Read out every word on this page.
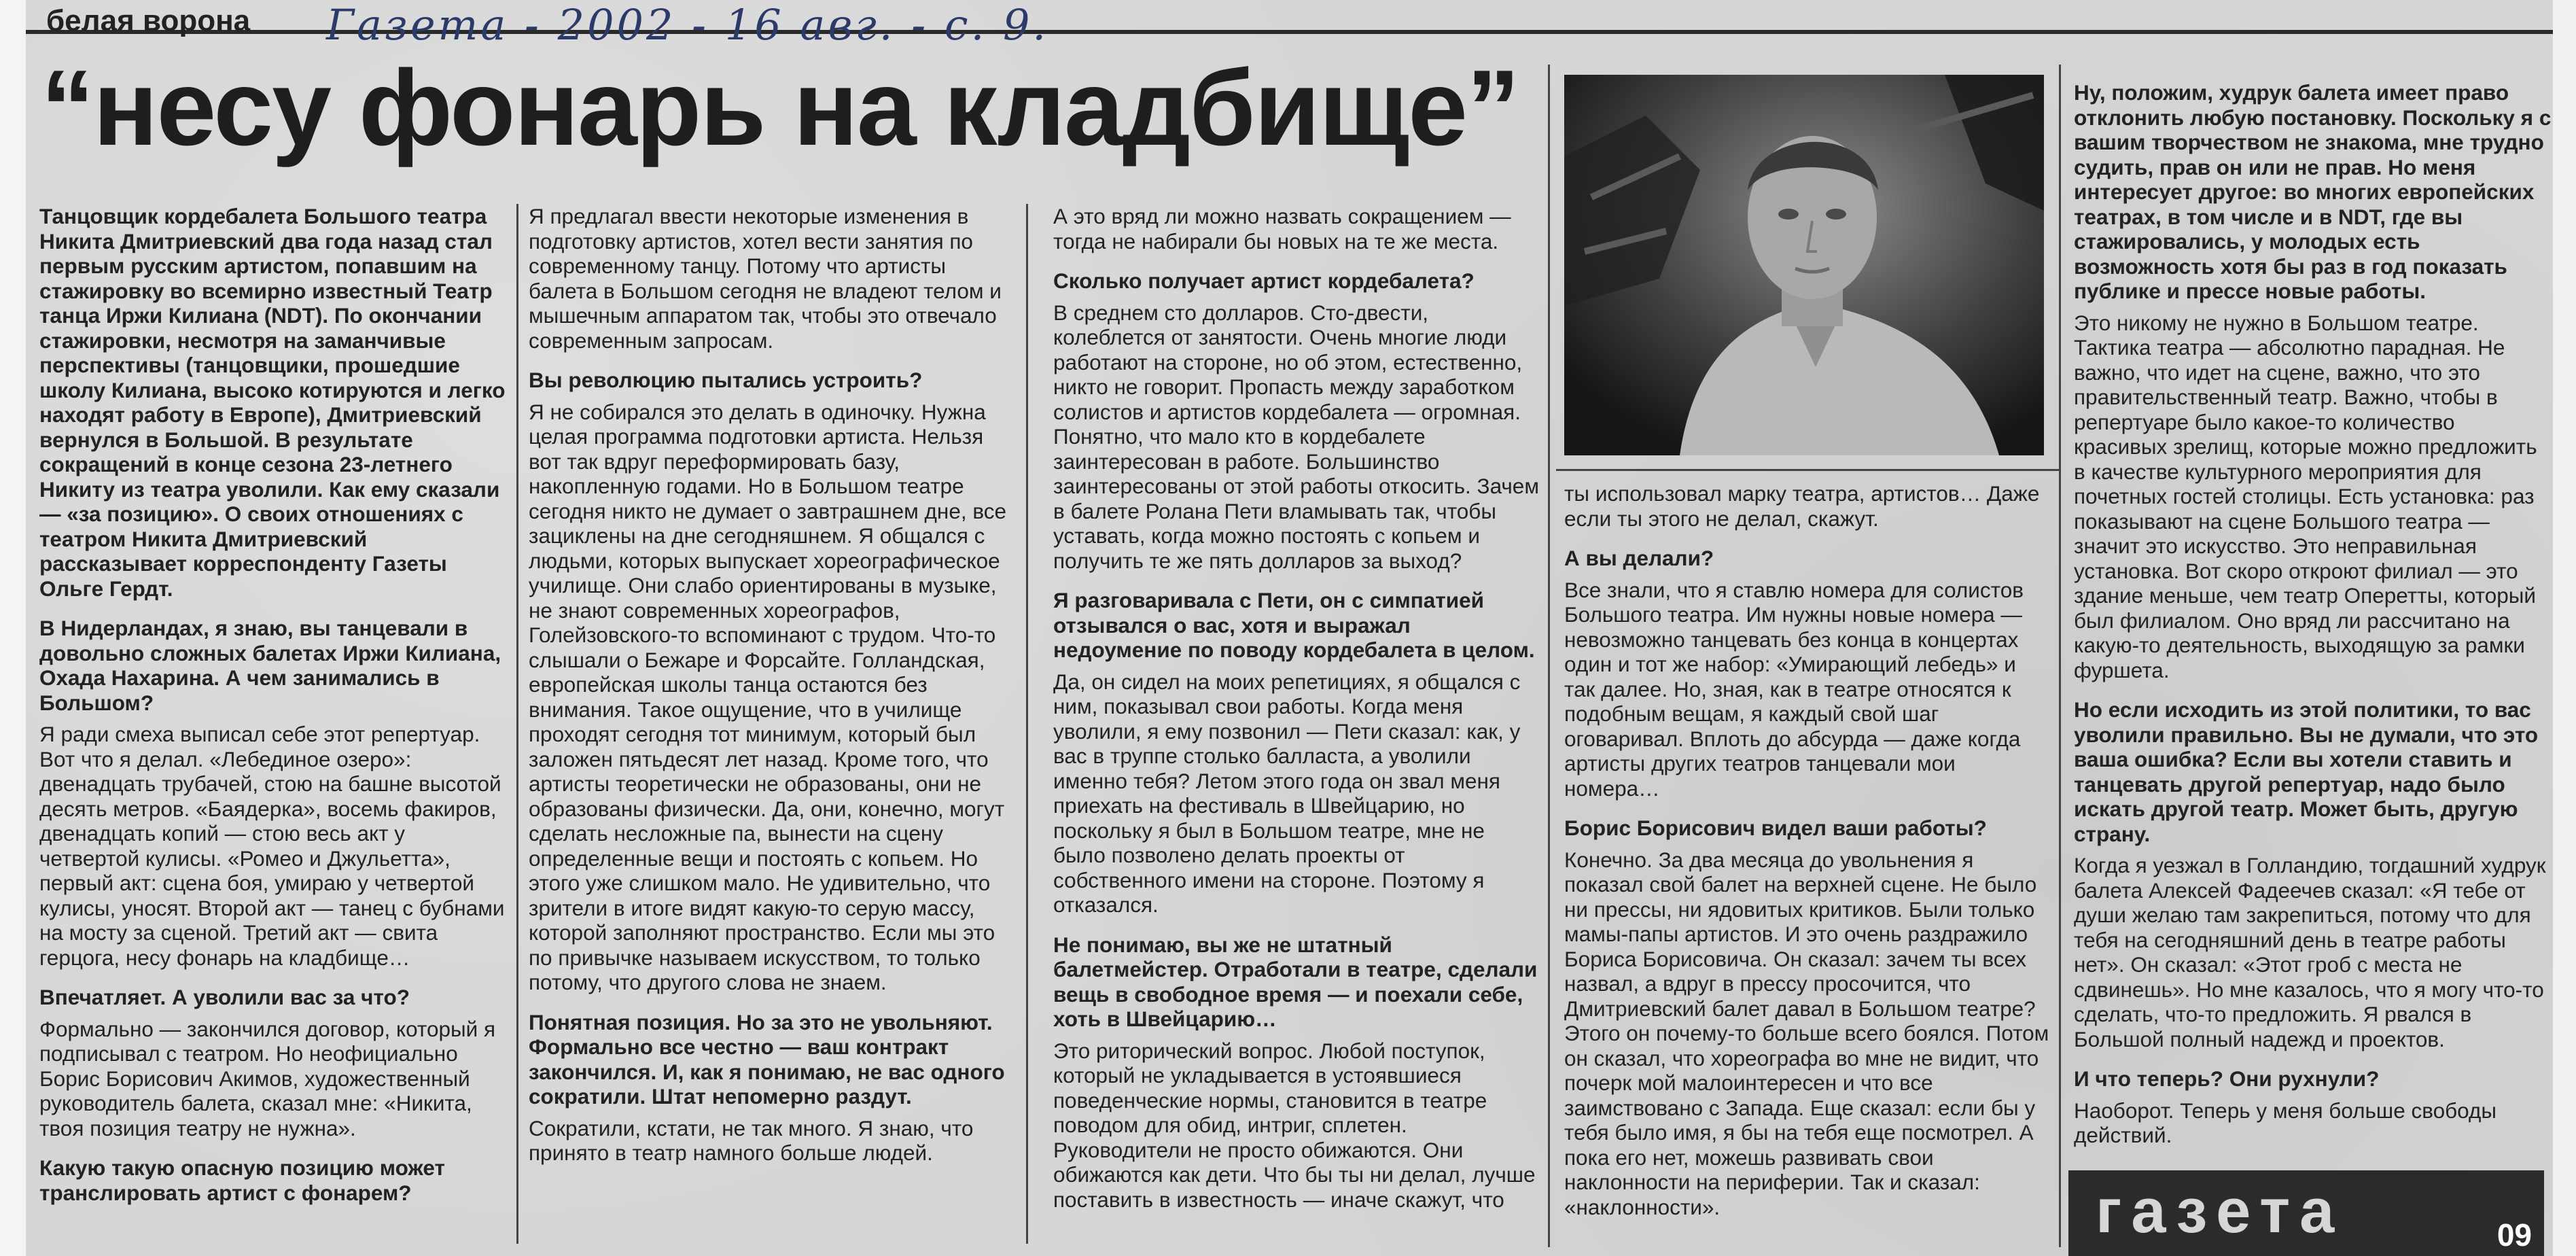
белая ворона Газета - 2002 - 16 авг. - с. 9.
“несу фонарь на кладбище”

Танцовщик кордебалета Большого театра Никита Дмитриевский два года назад стал первым русским артистом, попавшим на стажировку во всемирно известный Театр танца Иржи Килиана (NDT). По окончании стажировки, несмотря на заманчивые перспективы (танцовщики, прошедшие школу Килиана, высоко котируются и легко находят работу в Европе), Дмитриевский вернулся в Большой. В результате сокращений в конце сезона 23-летнего Никиту из театра уволили. Как ему сказали — «за позицию». О своих отношениях с театром Никита Дмитриевский рассказывает корреспонденту Газеты Ольге Гердт.

В Нидерландах, я знаю, вы танцевали в довольно сложных балетах Иржи Килиана, Охада Нахарина. А чем занимались в Большом?

Я ради смеха выписал себе этот репертуар. Вот что я делал. «Лебединое озеро»: двенадцать трубачей, стою на башне высотой десять метров. «Баядерка», восемь факиров, двенадцать копий — стою весь акт у четвертой кулисы. «Ромео и Джульетта», первый акт: сцена боя, умираю у четвертой кулисы, уносят. Второй акт — танец с бубнами на мосту за сценой. Третий акт — свита герцога, несу фонарь на кладбище…

Впечатляет. А уволили вас за что?

Формально — закончился договор, который я подписывал с театром. Но неофициально Борис Борисович Акимов, художественный руководитель балета, сказал мне: «Никита, твоя позиция театру не нужна».

Какую такую опасную позицию может транслировать артист с фонарем?

Я предлагал ввести некоторые изменения в подготовку артистов, хотел вести занятия по современному танцу. Потому что артисты балета в Большом сегодня не владеют телом и мышечным аппаратом так, чтобы это отвечало современным запросам.

Вы революцию пытались устроить?

Я не собирался это делать в одиночку. Нужна целая программа подготовки артиста. Нельзя вот так вдруг переформировать базу, накопленную годами. Но в Большом театре сегодня никто не думает о завтрашнем дне, все зациклены на дне сегодняшнем. Я общался с людьми, которых выпускает хореографическое училище. Они слабо ориентированы в музыке, не знают современных хореографов, Голейзовского-то вспоминают с трудом. Что-то слышали о Бежаре и Форсайте. Голландская, европейская школы танца остаются без внимания. Такое ощущение, что в училище проходят сегодня тот минимум, который был заложен пятьдесят лет назад. Кроме того, что артисты теоретически не образованы, они не образованы физически. Да, они, конечно, могут сделать несложные па, вынести на сцену определенные вещи и постоять с копьем. Но этого уже слишком мало. Не удивительно, что зрители в итоге видят какую-то серую массу, которой заполняют пространство. Если мы это по привычке называем искусством, то только потому, что другого слова не знаем.

Понятная позиция. Но за это не увольняют. Формально все честно — ваш контракт закончился. И, как я понимаю, не вас одного сократили. Штат непомерно раздут.

Сократили, кстати, не так много. Я знаю, что принято в театр намного больше людей.

А это вряд ли можно назвать сокращением — тогда не набирали бы новых на те же места.

Сколько получает артист кордебалета?

В среднем сто долларов. Сто-двести, колеблется от занятости. Очень многие люди работают на стороне, но об этом, естественно, никто не говорит. Пропасть между заработком солистов и артистов кордебалета — огромная. Понятно, что мало кто в кордебалете заинтересован в работе. Большинство заинтересованы от этой работы откосить. Зачем в балете Ролана Пети вламывать так, чтобы уставать, когда можно постоять с копьем и получить те же пять долларов за выход?

Я разговаривала с Пети, он с симпатией отзывался о вас, хотя и выражал недоумение по поводу кордебалета в целом.

Да, он сидел на моих репетициях, я общался с ним, показывал свои работы. Когда меня уволили, я ему позвонил — Пети сказал: как, у вас в труппе столько балласта, а уволили именно тебя? Летом этого года он звал меня приехать на фестиваль в Швейцарию, но поскольку я был в Большом театре, мне не было позволено делать проекты от собственного имени на стороне. Поэтому я отказался.

Не понимаю, вы же не штатный балетмейстер. Отработали в театре, сделали вещь в свободное время — и поехали себе, хоть в Швейцарию…

Это риторический вопрос. Любой поступок, который не укладывается в устоявшиеся поведенческие нормы, становится в театре поводом для обид, интриг, сплетен. Руководители не просто обижаются. Они обижаются как дети. Что бы ты ни делал, лучше поставить в известность — иначе скажут, что

ты использовал марку театра, артистов… Даже если ты этого не делал, скажут.

А вы делали?

Все знали, что я ставлю номера для солистов Большого театра. Им нужны новые номера — невозможно танцевать без конца в концертах один и тот же набор: «Умирающий лебедь» и так далее. Но, зная, как в театре относятся к подобным вещам, я каждый свой шаг оговаривал. Вплоть до абсурда — даже когда артисты других театров танцевали мои номера…

Борис Борисович видел ваши работы?

Конечно. За два месяца до увольнения я показал свой балет на верхней сцене. Не было ни прессы, ни ядовитых критиков. Были только мамы-папы артистов. И это очень раздражило Бориса Борисовича. Он сказал: зачем ты всех назвал, а вдруг в прессу просочится, что Дмитриевский балет давал в Большом театре? Этого он почему-то больше всего боялся. Потом он сказал, что хореографа во мне не видит, что почерк мой малоинтересен и что все заимствовано с Запада. Еще сказал: если бы у тебя было имя, я бы на тебя еще посмотрел. А пока его нет, можешь развивать свои наклонности на периферии. Так и сказал: «наклонности».

Ну, положим, худрук балета имеет право отклонить любую постановку. Поскольку я с вашим творчеством не знакома, мне трудно судить, прав он или не прав. Но меня интересует другое: во многих европейских театрах, в том числе и в NDT, где вы стажировались, у молодых есть возможность хотя бы раз в год показать публике и прессе новые работы.

Это никому не нужно в Большом театре. Тактика театра — абсолютно парадная. Не важно, что идет на сцене, важно, что это правительственный театр. Важно, чтобы в репертуаре было какое-то количество красивых зрелищ, которые можно предложить в качестве культурного мероприятия для почетных гостей столицы. Есть установка: раз показывают на сцене Большого театра — значит это искусство. Это неправильная установка. Вот скоро откроют филиал — это здание меньше, чем театр Оперетты, который был филиалом. Оно вряд ли рассчитано на какую-то деятельность, выходящую за рамки фуршета.

Но если исходить из этой политики, то вас уволили правильно. Вы не думали, что это ваша ошибка? Если вы хотели ставить и танцевать другой репертуар, надо было искать другой театр. Может быть, другую страну.

Когда я уезжал в Голландию, тогдашний худрук балета Алексей Фадеечев сказал: «Я тебе от души желаю там закрепиться, потому что для тебя на сегодняшний день в театре работы нет». Он сказал: «Этот гроб с места не сдвинешь». Но мне казалось, что я могу что-то сделать, что-то предложить. Я рвался в Большой полный надежд и проектов.

И что теперь? Они рухнули?

Наоборот. Теперь у меня больше свободы действий.

газета	09
